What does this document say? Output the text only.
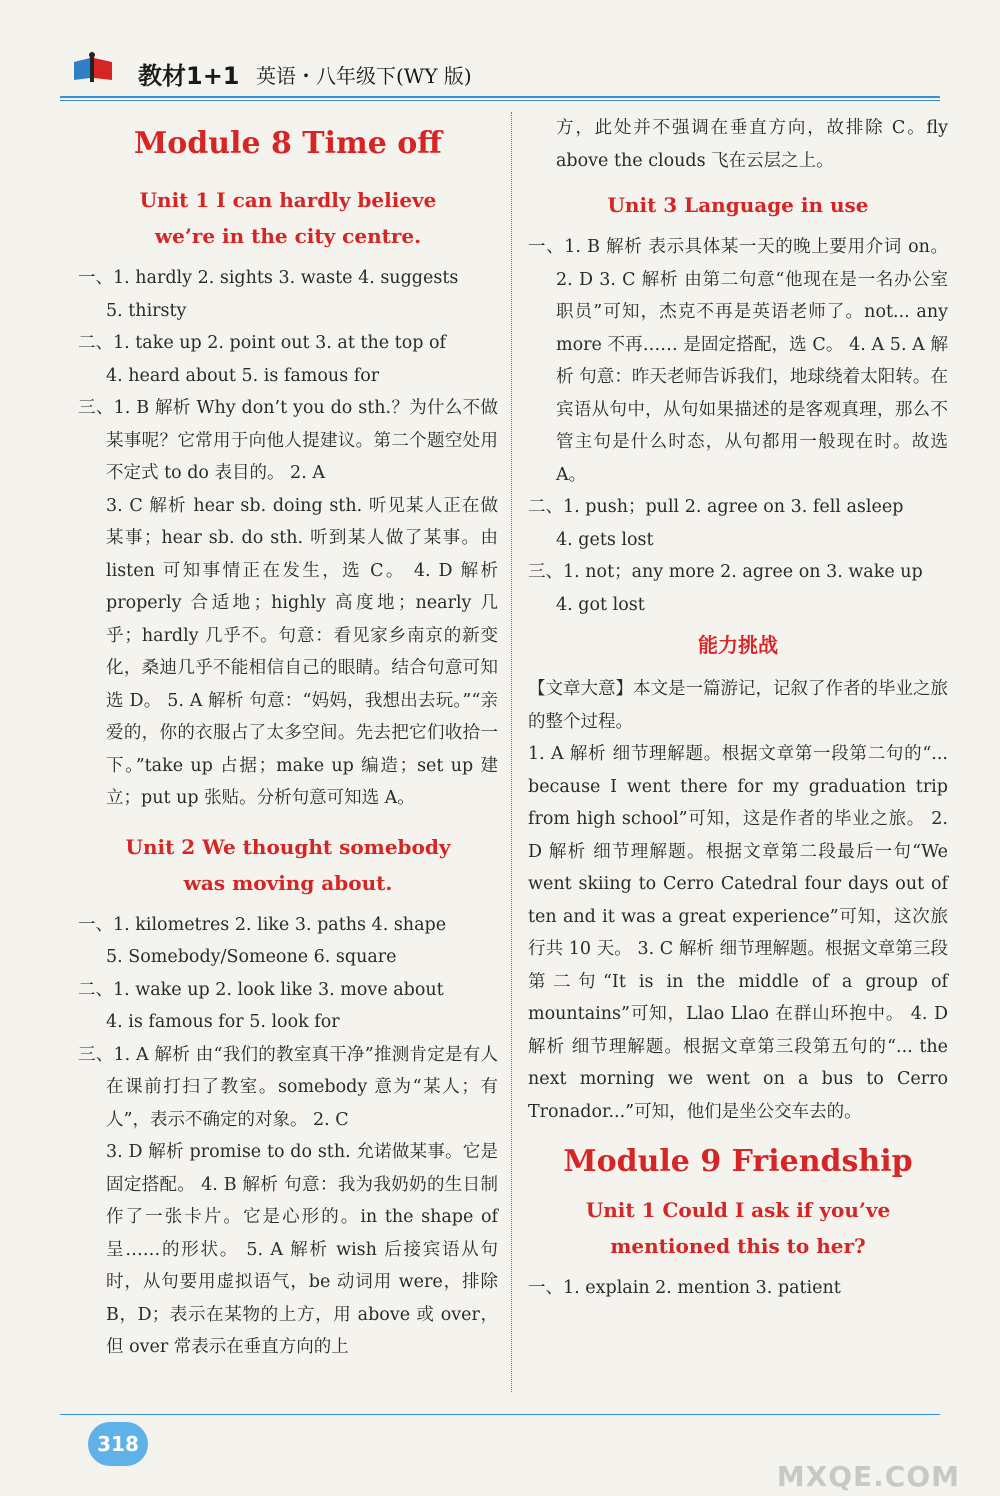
教材1+1 英语・八年级下(WY 版)
Module 8 Time off
Unit 1 I can hardly believe
we’re in the city centre.

一、1. hardly 2. sights 3. waste 4. suggests

5. thirsty

二、1. take up 2. point out 3. at the top of

4. heard about 5. is famous for

三、1. B 解析 Why don’t you do sth.？为什么不做某事呢？它常用于向他人提建议。第二个题空处用不定式 to do 表目的。 2. A

3. C 解析 hear sb. doing sth. 听见某人正在做某事；hear sb. do sth. 听到某人做了某事。由 listen 可知事情正在发生，选 C。 4. D 解析 properly 合适地；highly 高度地；nearly 几乎；hardly 几乎不。句意：看见家乡南京的新变化，桑迪几乎不能相信自己的眼睛。结合句意可知选 D。 5. A 解析 句意：“妈妈，我想出去玩。”“亲爱的，你的衣服占了太多空间。先去把它们收拾一下。”take up 占据；make up 编造；set up 建立；put up 张贴。分析句意可知选 A。

Unit 2 We thought somebody
was moving about.

一、1. kilometres 2. like 3. paths 4. shape

5. Somebody/Someone 6. square

二、1. wake up 2. look like 3. move about

4. is famous for 5. look for

三、1. A 解析 由“我们的教室真干净”推测肯定是有人在课前打扫了教室。somebody 意为“某人；有人”，表示不确定的对象。 2. C

3. D 解析 promise to do sth. 允诺做某事。它是固定搭配。 4. B 解析 句意：我为我奶奶的生日制作了一张卡片。它是心形的。in the shape of 呈……的形状。 5. A 解析 wish 后接宾语从句时，从句要用虚拟语气，be 动词用 were，排除 B，D；表示在某物的上方，用 above 或 over，但 over 常表示在垂直方向的上

方，此处并不强调在垂直方向，故排除 C。fly above the clouds 飞在云层之上。

Unit 3 Language in use

一、1. B 解析 表示具体某一天的晚上要用介词 on。 2. D 3. C 解析 由第二句意“他现在是一名办公室职员”可知，杰克不再是英语老师了。not... any more 不再…… 是固定搭配，选 C。 4. A 5. A 解析 句意：昨天老师告诉我们，地球绕着太阳转。在宾语从句中，从句如果描述的是客观真理，那么不管主句是什么时态，从句都用一般现在时。故选 A。

二、1. push；pull 2. agree on 3. fell asleep

4. gets lost

三、1. not；any more 2. agree on 3. wake up

4. got lost

能力挑战

【文章大意】本文是一篇游记，记叙了作者的毕业之旅的整个过程。

1. A 解析 细节理解题。根据文章第一段第二句的“... because I went there for my graduation trip from high school”可知，这是作者的毕业之旅。 2. D 解析 细节理解题。根据文章第二段最后一句“We went skiing to Cerro Catedral four days out of ten and it was a great experience”可知，这次旅行共 10 天。 3. C 解析 细节理解题。根据文章第三段第二句“It is in the middle of a group of mountains”可知，Llao Llao 在群山环抱中。 4. D 解析 细节理解题。根据文章第三段第五句的“... the next morning we went on a bus to Cerro Tronador...”可知，他们是坐公交车去的。

Module 9 Friendship
Unit 1 Could I ask if you’ve
mentioned this to her?

一、1. explain 2. mention 3. patient

318
MXQE.COM
